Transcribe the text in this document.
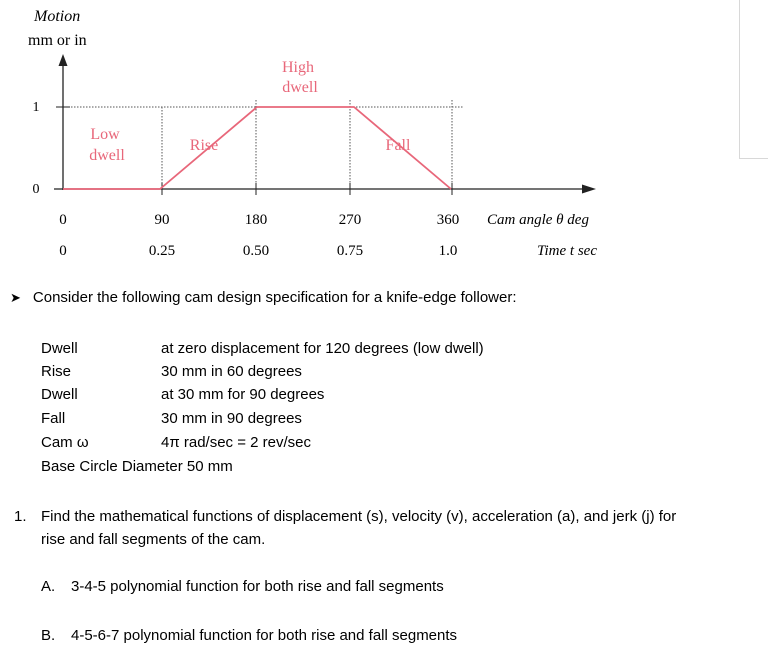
Motion
mm or in
1
0
Low dwell
Rise
High dwell
Fall
0	90	180	270	360 Cam angle θ deg
0	0.25	0.50	0.75	1.0	Time t sec
➤ Consider the following cam design specification for a knife-edge follower:
Dwell	at zero displacement for 120 degrees (low dwell)
Rise	30 mm in 60 degrees
Dwell	at 30 mm for 90 degrees
Fall	30 mm in 90 degrees
Cam ω	4π rad/sec = 2 rev/sec
Base Circle Diameter 50 mm
1. Find the mathematical functions of displacement (s), velocity (v), acceleration (a), and jerk (j) for
rise and fall segments of the cam.
A. 3-4-5 polynomial function for both rise and fall segments
B. 4-5-6-7 polynomial function for both rise and fall segments
